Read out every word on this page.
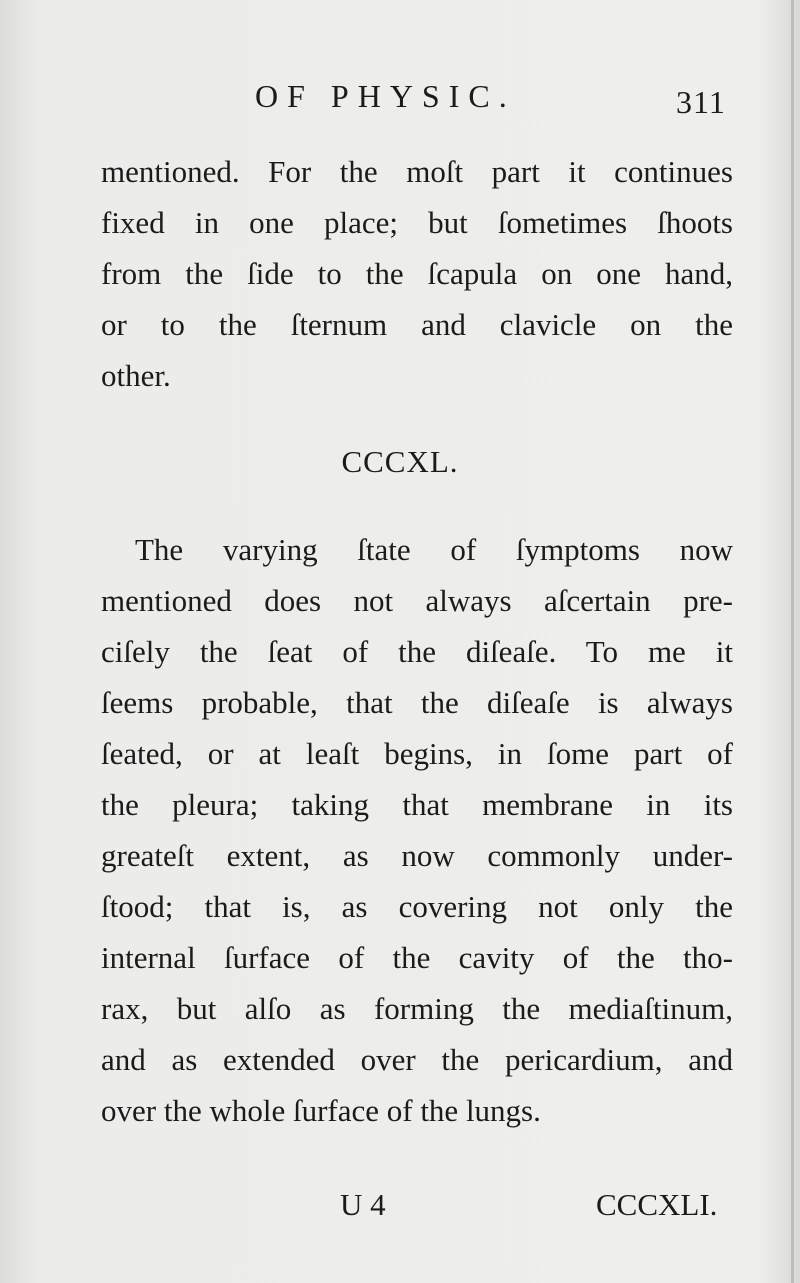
OF PHYSIC.	311
mentioned. For the moſt part it continues
fixed in one place; but ſometimes ſhoots
from the ſide to the ſcapula on one hand,
or to the ſternum and clavicle on the
other.
CCCXL.
The varying ſtate of ſymptoms now
mentioned does not always aſcertain pre-
ciſely the ſeat of the diſeaſe. To me it
ſeems probable, that the diſeaſe is always
ſeated, or at leaſt begins, in ſome part of
the pleura; taking that membrane in its
greateſt extent, as now commonly under-
ſtood; that is, as covering not only the
internal ſurface of the cavity of the tho-
rax, but alſo as forming the mediaſtinum,
and as extended over the pericardium, and
over the whole ſurface of the lungs.
U 4	CCCXLI.
